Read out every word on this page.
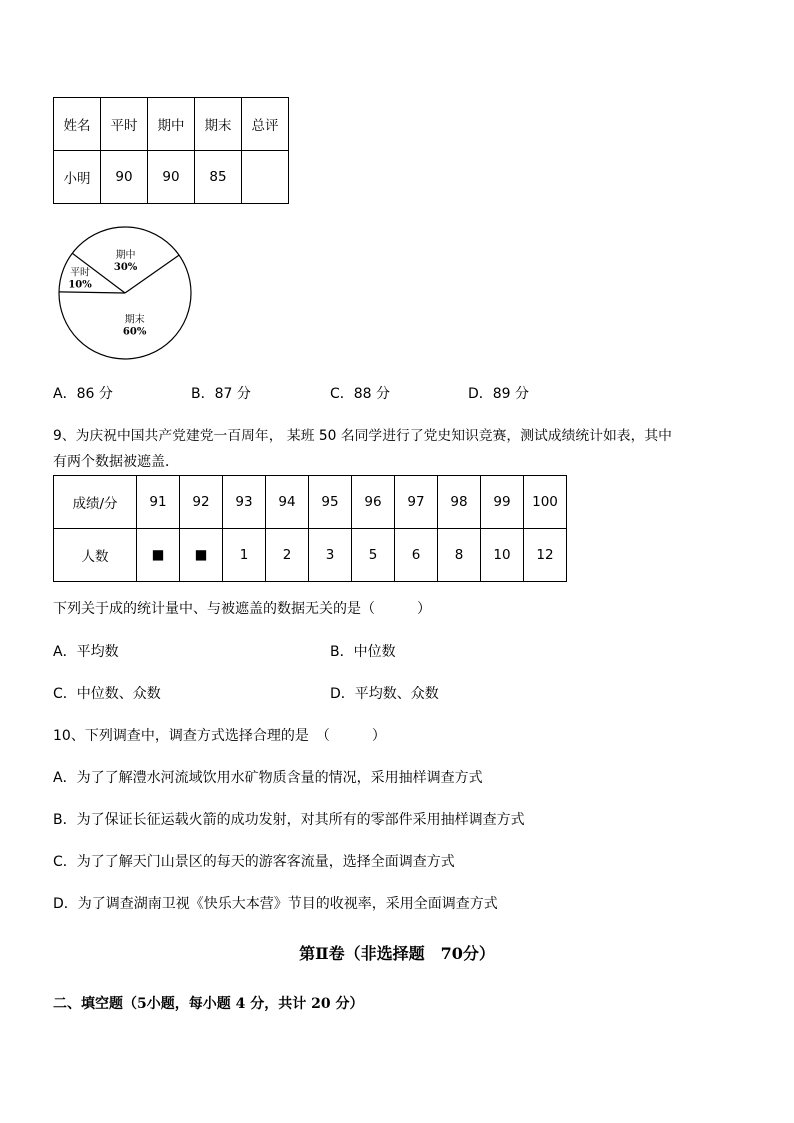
姓名	平时	期中	期末	总评
小明	90	90	85	
期中
30%
平时
10%
期末
60%
A．86 分	B．87 分	C．88 分	D．89 分
9、为庆祝中国共产党建党一百周年， 某班 50 名同学进行了党史知识竞赛，测试成绩统计如表，其中
有两个数据被遮盖．
成绩/分	91	92	93	94	95	96	97	98	99	100
人数	■	■	1	2	3	5	6	8	10	12
下列关于成的统计量中、与被遮盖的数据无关的是（　　　）
A．平均数	B．中位数
C．中位数、众数	D．平均数、众数
10、下列调查中，调查方式选择合理的是　（　　　）
A．为了了解澧水河流域饮用水矿物质含量的情况，采用抽样调查方式
B．为了保证长征运载火箭的成功发射，对其所有的零部件采用抽样调查方式
C．为了了解天门山景区的每天的游客客流量，选择全面调查方式
D．为了调查湖南卫视《快乐大本营》节目的收视率，采用全面调查方式
第Ⅱ卷（非选择题　70分）
二、填空题（5小题，每小题 4 分，共计 20 分）
